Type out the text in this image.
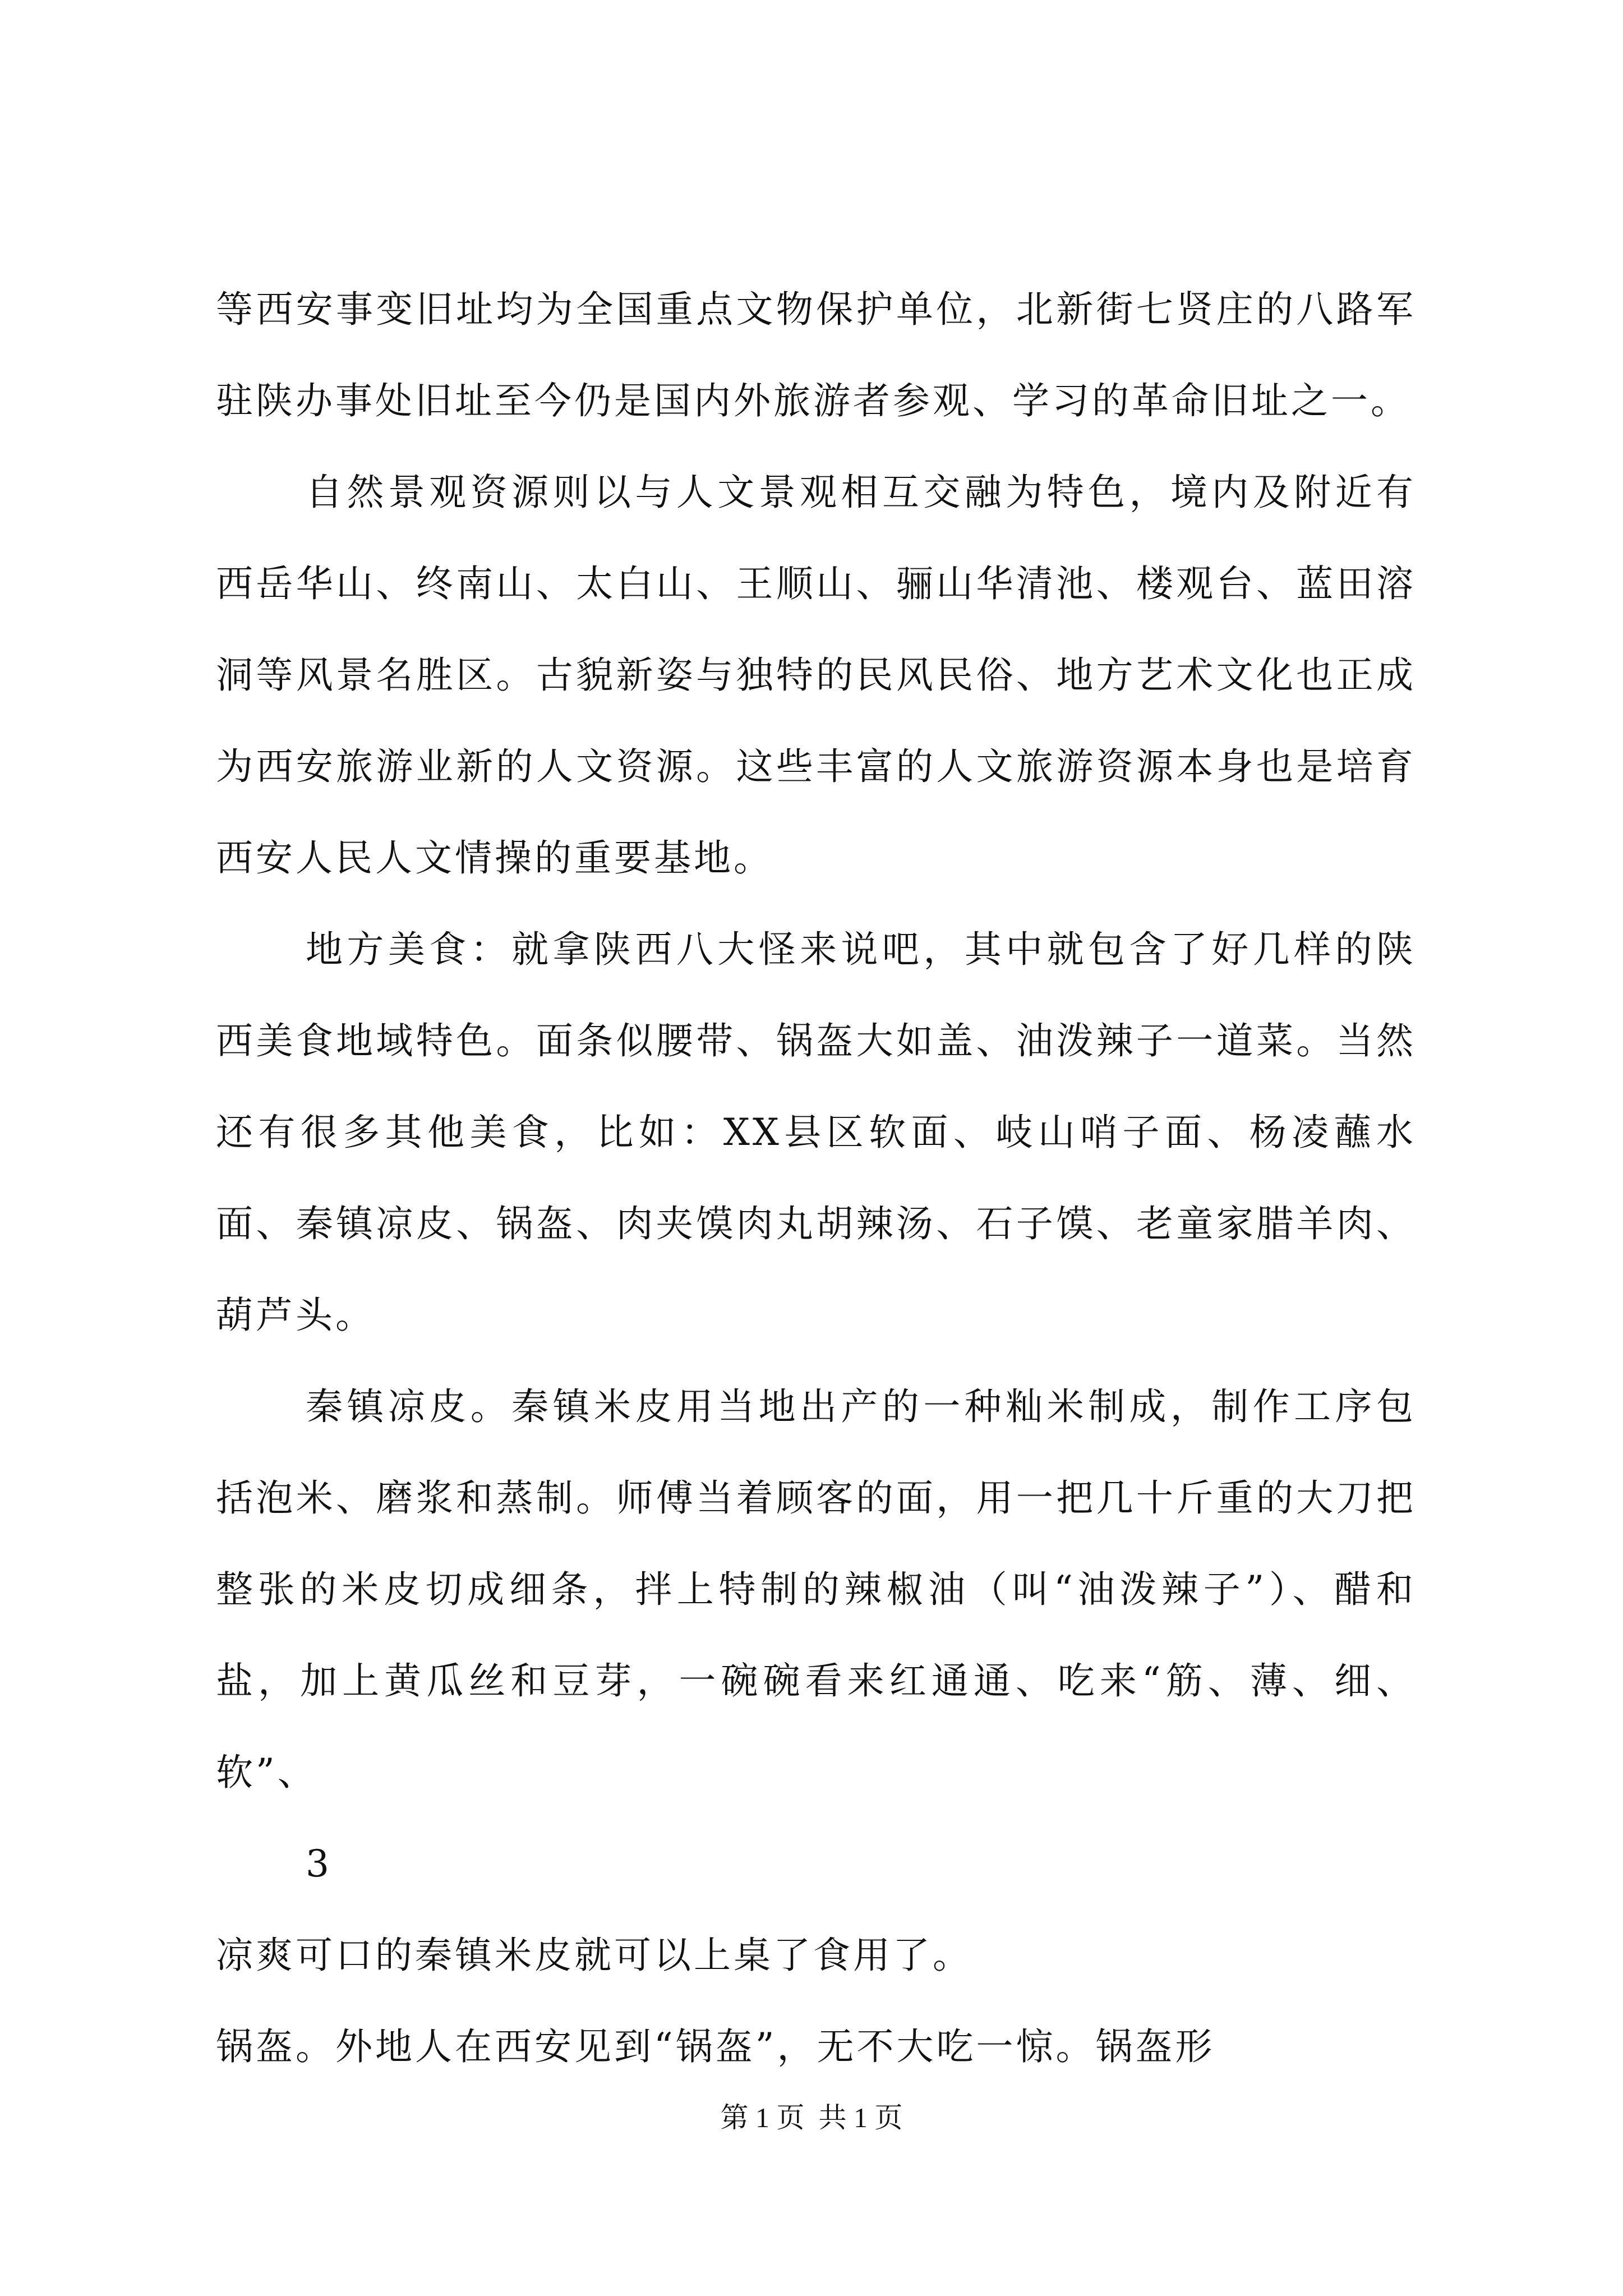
等西安事变旧址均为全国重点文物保护单位，北新街七贤庄的八路军驻陕办事处旧址至今仍是国内外旅游者参观、学习的革命旧址之一。

自然景观资源则以与人文景观相互交融为特色，境内及附近有西岳华山、终南山、太白山、王顺山、骊山华清池、楼观台、蓝田溶洞等风景名胜区。古貌新姿与独特的民风民俗、地方艺术文化也正成为西安旅游业新的人文资源。这些丰富的人文旅游资源本身也是培育西安人民人文情操的重要基地。

地方美食：就拿陕西八大怪来说吧，其中就包含了好几样的陕西美食地域特色。面条似腰带、锅盔大如盖、油泼辣子一道菜。当然还有很多其他美食，比如：XX县区软面、岐山哨子面、杨凌蘸水面、秦镇凉皮、锅盔、肉夹馍肉丸胡辣汤、石子馍、老童家腊羊肉、葫芦头。

秦镇凉皮。秦镇米皮用当地出产的一种籼米制成，制作工序包括泡米、磨浆和蒸制。师傅当着顾客的面，用一把几十斤重的大刀把整张的米皮切成细条，拌上特制的辣椒油（叫“油泼辣子”）、醋和盐，加上黄瓜丝和豆芽，一碗碗看来红通通、吃来“筋、薄、细、软”、

3

凉爽可口的秦镇米皮就可以上桌了食用了。

锅盔。外地人在西安见到“锅盔”，无不大吃一惊。锅盔形

第 1 页  共 1 页
